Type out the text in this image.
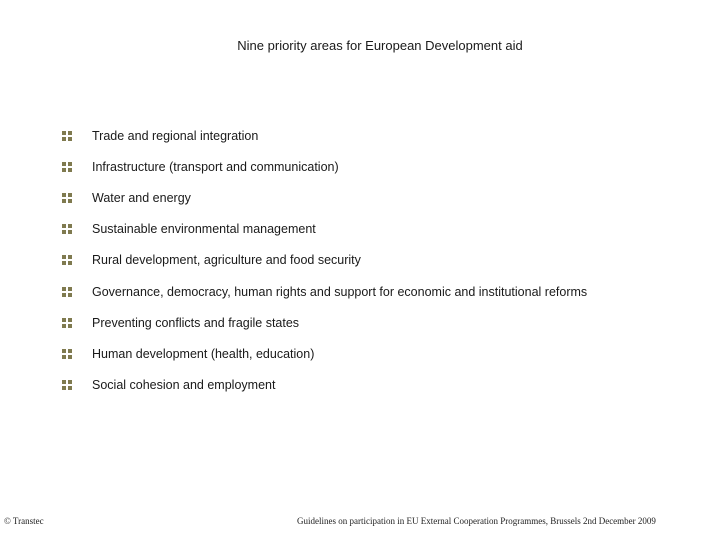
Nine priority areas for European Development aid
Trade and regional integration
Infrastructure (transport and communication)
Water and energy
Sustainable environmental management
Rural development, agriculture and food security
Governance, democracy, human rights and support for economic and institutional reforms
Preventing conflicts and fragile states
Human development (health, education)
Social cohesion and employment
© Transtec	Guidelines on participation in EU External Cooperation Programmes, Brussels 2nd December 2009
